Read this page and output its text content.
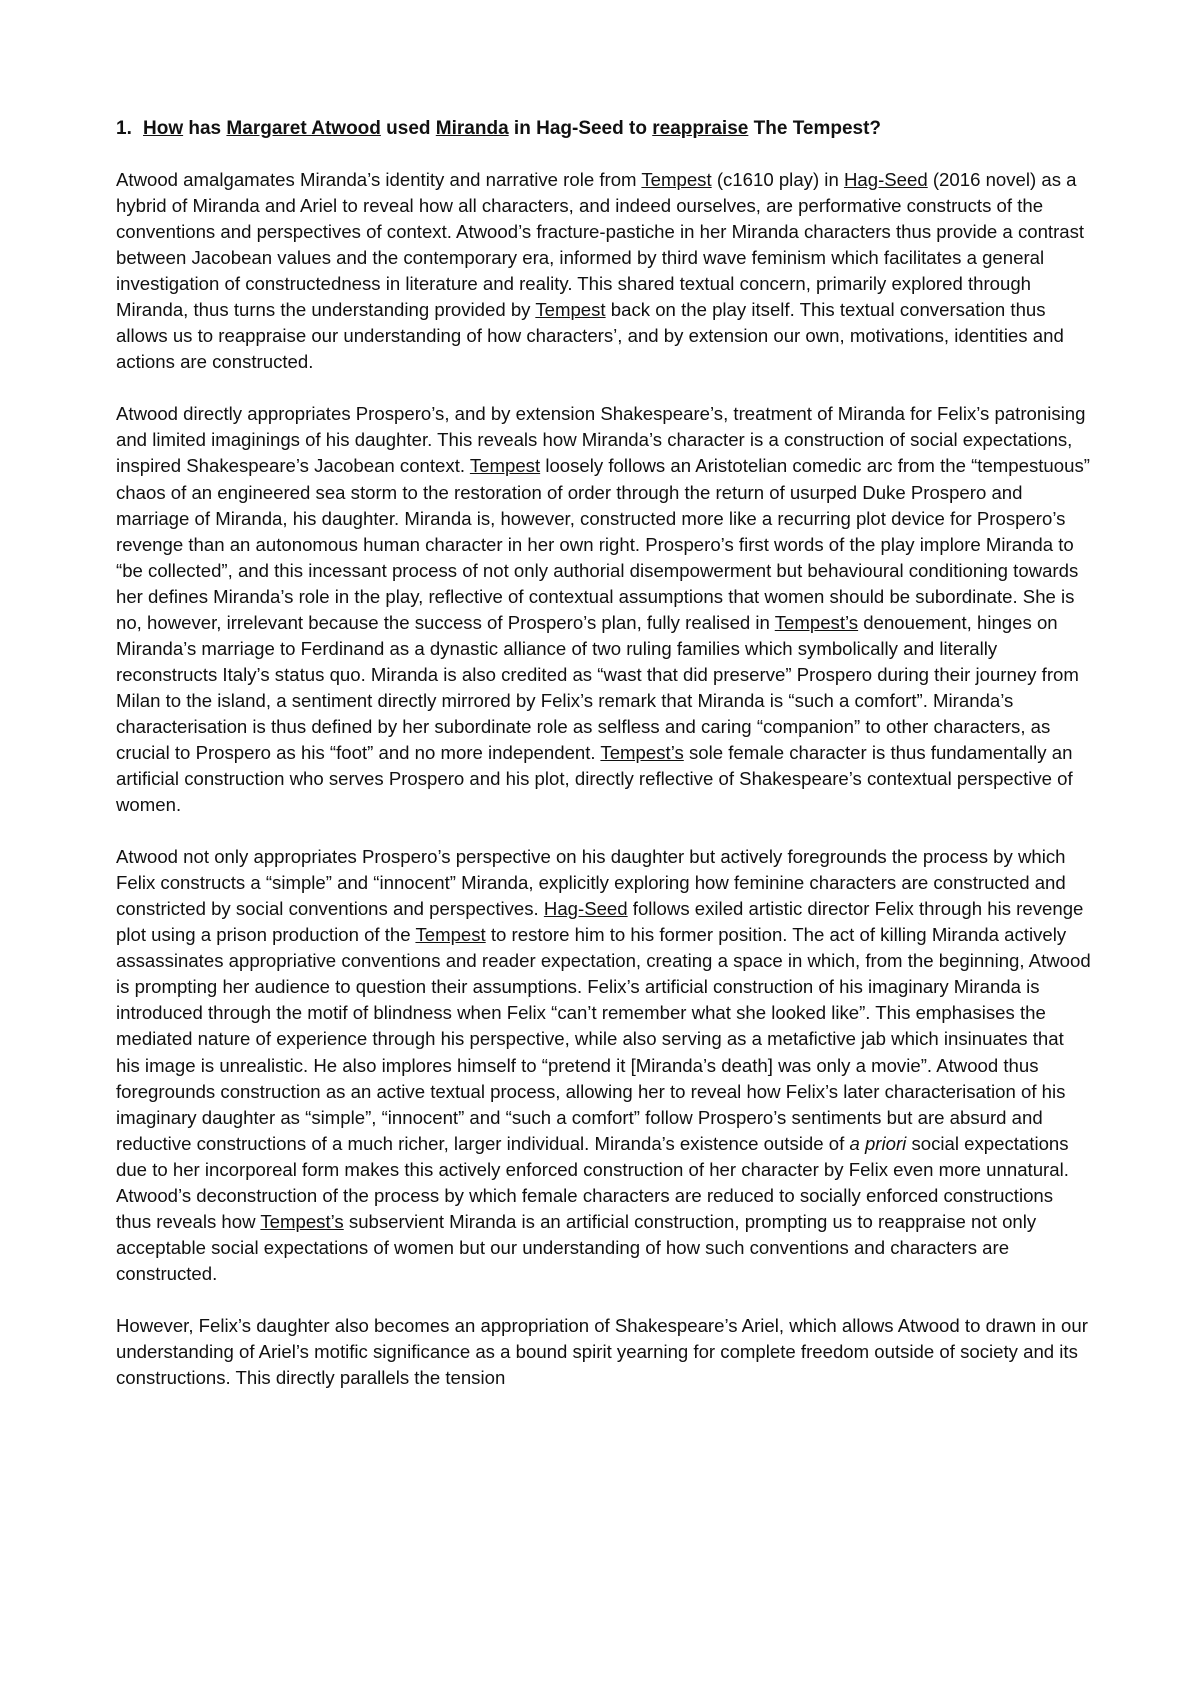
1. How has Margaret Atwood used Miranda in Hag-Seed to reappraise The Tempest?

Atwood amalgamates Miranda’s identity and narrative role from Tempest (c1610 play) in Hag-Seed (2016 novel) as a hybrid of Miranda and Ariel to reveal how all characters, and indeed ourselves, are performative constructs of the conventions and perspectives of context. Atwood’s fracture-pastiche in her Miranda characters thus provide a contrast between Jacobean values and the contemporary era, informed by third wave feminism which facilitates a general investigation of constructedness in literature and reality. This shared textual concern, primarily explored through Miranda, thus turns the understanding provided by Tempest back on the play itself. This textual conversation thus allows us to reappraise our understanding of how characters’, and by extension our own, motivations, identities and actions are constructed.

Atwood directly appropriates Prospero’s, and by extension Shakespeare’s, treatment of Miranda for Felix’s patronising and limited imaginings of his daughter. This reveals how Miranda’s character is a construction of social expectations, inspired Shakespeare’s Jacobean context. Tempest loosely follows an Aristotelian comedic arc from the “tempestuous” chaos of an engineered sea storm to the restoration of order through the return of usurped Duke Prospero and marriage of Miranda, his daughter. Miranda is, however, constructed more like a recurring plot device for Prospero’s revenge than an autonomous human character in her own right. Prospero’s first words of the play implore Miranda to “be collected”, and this incessant process of not only authorial disempowerment but behavioural conditioning towards her defines Miranda’s role in the play, reflective of contextual assumptions that women should be subordinate. She is no, however, irrelevant because the success of Prospero’s plan, fully realised in Tempest’s denouement, hinges on Miranda’s marriage to Ferdinand as a dynastic alliance of two ruling families which symbolically and literally reconstructs Italy’s status quo. Miranda is also credited as “wast that did preserve” Prospero during their journey from Milan to the island, a sentiment directly mirrored by Felix’s remark that Miranda is “such a comfort”. Miranda’s characterisation is thus defined by her subordinate role as selfless and caring “companion” to other characters, as crucial to Prospero as his “foot” and no more independent. Tempest’s sole female character is thus fundamentally an artificial construction who serves Prospero and his plot, directly reflective of Shakespeare’s contextual perspective of women.

Atwood not only appropriates Prospero’s perspective on his daughter but actively foregrounds the process by which Felix constructs a “simple” and “innocent” Miranda, explicitly exploring how feminine characters are constructed and constricted by social conventions and perspectives. Hag-Seed follows exiled artistic director Felix through his revenge plot using a prison production of the Tempest to restore him to his former position. The act of killing Miranda actively assassinates appropriative conventions and reader expectation, creating a space in which, from the beginning, Atwood is prompting her audience to question their assumptions. Felix’s artificial construction of his imaginary Miranda is introduced through the motif of blindness when Felix “can’t remember what she looked like”. This emphasises the mediated nature of experience through his perspective, while also serving as a metafictive jab which insinuates that his image is unrealistic. He also implores himself to “pretend it [Miranda’s death] was only a movie”. Atwood thus foregrounds construction as an active textual process, allowing her to reveal how Felix’s later characterisation of his imaginary daughter as “simple”, “innocent” and “such a comfort” follow Prospero’s sentiments but are absurd and reductive constructions of a much richer, larger individual. Miranda’s existence outside of a priori social expectations due to her incorporeal form makes this actively enforced construction of her character by Felix even more unnatural. Atwood’s deconstruction of the process by which female characters are reduced to socially enforced constructions thus reveals how Tempest’s subservient Miranda is an artificial construction, prompting us to reappraise not only acceptable social expectations of women but our understanding of how such conventions and characters are constructed.

However, Felix’s daughter also becomes an appropriation of Shakespeare’s Ariel, which allows Atwood to drawn in our understanding of Ariel’s motific significance as a bound spirit yearning for complete freedom outside of society and its constructions. This directly parallels the tension
